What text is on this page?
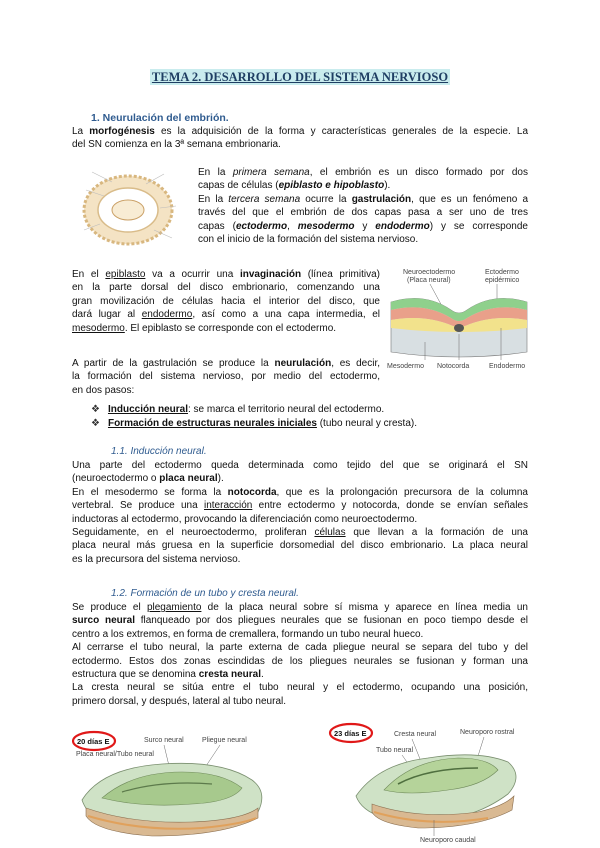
TEMA 2. DESARROLLO DEL SISTEMA NERVIOSO
1. Neurulación del embrión.
La morfogénesis es la adquisición de la forma y características generales de la especie. La
del SN comienza en la 3ª semana embrionaria.
En la primera semana, el embrión es un disco formado por dos
capas de células (epiblasto e hipoblasto).
En la tercera semana ocurre la gastrulación, que es un fenómeno a
través del que el embrión de dos capas pasa a ser uno de tres
capas (ectodermo, mesodermo y endodermo) y se corresponde
con el inicio de la formación del sistema nervioso.
En el epiblasto va a ocurrir una invaginación (línea primitiva)
en la parte dorsal del disco embrionario, comenzando una
gran movilización de células hacia el interior del disco, que
dará lugar al endodermo, así como a una capa intermedia, el
mesodermo. El epiblasto se corresponde con el ectodermo.
Neuroectodermo
(Placa neural)
Ectodermo
epidérmico
Mesodermo Notocorda	Endodermo
A partir de la gastrulación se produce la neurulación, es decir,
la formación del sistema nervioso, por medio del ectodermo,
en dos pasos:
❖ Inducción neural: se marca el territorio neural del ectodermo.
❖ Formación de estructuras neurales iniciales (tubo neural y cresta).
1.1. Inducción neural.
Una parte del ectodermo queda determinada como tejido del que se originará el SN
(neuroectodermo o placa neural).
En el mesodermo se forma la notocorda, que es la prolongación precursora de la columna
vertebral. Se produce una interacción entre ectodermo y notocorda, donde se envían señales
inductoras al ectodermo, provocando la diferenciación como neuroectodermo.
Seguidamente, en el neuroectodermo, proliferan células que llevan a la formación de una
placa neural más gruesa en la superficie dorsomedial del disco embrionario. La placa neural
es la precursora del sistema nervioso.
1.2. Formación de un tubo y cresta neural.
Se produce el plegamiento de la placa neural sobre sí misma y aparece en línea media un
surco neural flanqueado por dos pliegues neurales que se fusionan en poco tiempo desde el
centro a los extremos, en forma de cremallera, formando un tubo neural hueco.
Al cerrarse el tubo neural, la parte externa de cada pliegue neural se separa del tubo y del
ectodermo. Estos dos zonas escindidas de los pliegues neurales se fusionan y forman una
estructura que se denomina cresta neural.
La cresta neural se sitúa entre el tubo neural y el ectodermo, ocupando una posición,
primero dorsal, y después, lateral al tubo neural.
20 días E	Surco neural	Pliegue neural
Placa neural/Tubo neural
23 días E	Cresta neural	Neuroporo rostral
Tubo neural
Neuroporo caudal
